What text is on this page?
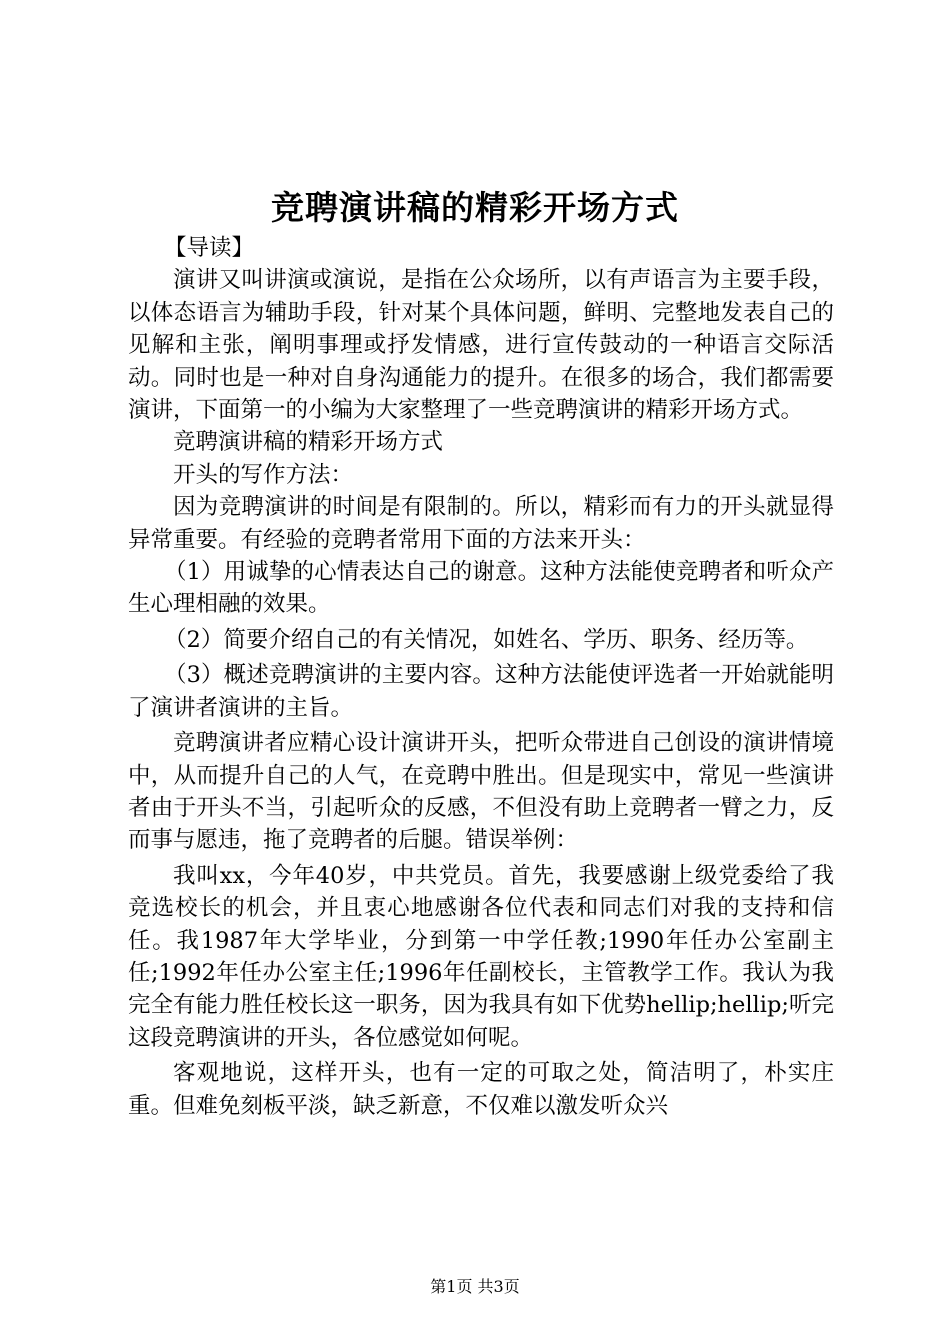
竞聘演讲稿的精彩开场方式

【导读】

演讲又叫讲演或演说，是指在公众场所，以有声语言为主要手段，以体态语言为辅助手段，针对某个具体问题，鲜明、完整地发表自己的见解和主张，阐明事理或抒发情感，进行宣传鼓动的一种语言交际活动。同时也是一种对自身沟通能力的提升。在很多的场合，我们都需要演讲，下面第一的小编为大家整理了一些竞聘演讲的精彩开场方式。

竞聘演讲稿的精彩开场方式

开头的写作方法：

因为竞聘演讲的时间是有限制的。所以，精彩而有力的开头就显得异常重要。有经验的竞聘者常用下面的方法来开头：

（1）用诚挚的心情表达自己的谢意。这种方法能使竞聘者和听众产生心理相融的效果。

（2）简要介绍自己的有关情况，如姓名、学历、职务、经历等。

（3）概述竞聘演讲的主要内容。这种方法能使评选者一开始就能明了演讲者演讲的主旨。

竞聘演讲者应精心设计演讲开头，把听众带进自己创设的演讲情境中，从而提升自己的人气，在竞聘中胜出。但是现实中，常见一些演讲者由于开头不当，引起听众的反感，不但没有助上竞聘者一臂之力，反而事与愿违，拖了竞聘者的后腿。错误举例：

我叫xx，今年40岁，中共党员。首先，我要感谢上级党委给了我竞选校长的机会，并且衷心地感谢各位代表和同志们对我的支持和信任。我1987年大学毕业，分到第一中学任教;1990年任办公室副主任;1992年任办公室主任;1996年任副校长，主管教学工作。我认为我完全有能力胜任校长这一职务，因为我具有如下优势hellip;hellip;听完这段竞聘演讲的开头，各位感觉如何呢。

客观地说，这样开头，也有一定的可取之处，简洁明了，朴实庄重。但难免刻板平淡，缺乏新意，不仅难以激发听众兴

第1页 共3页
